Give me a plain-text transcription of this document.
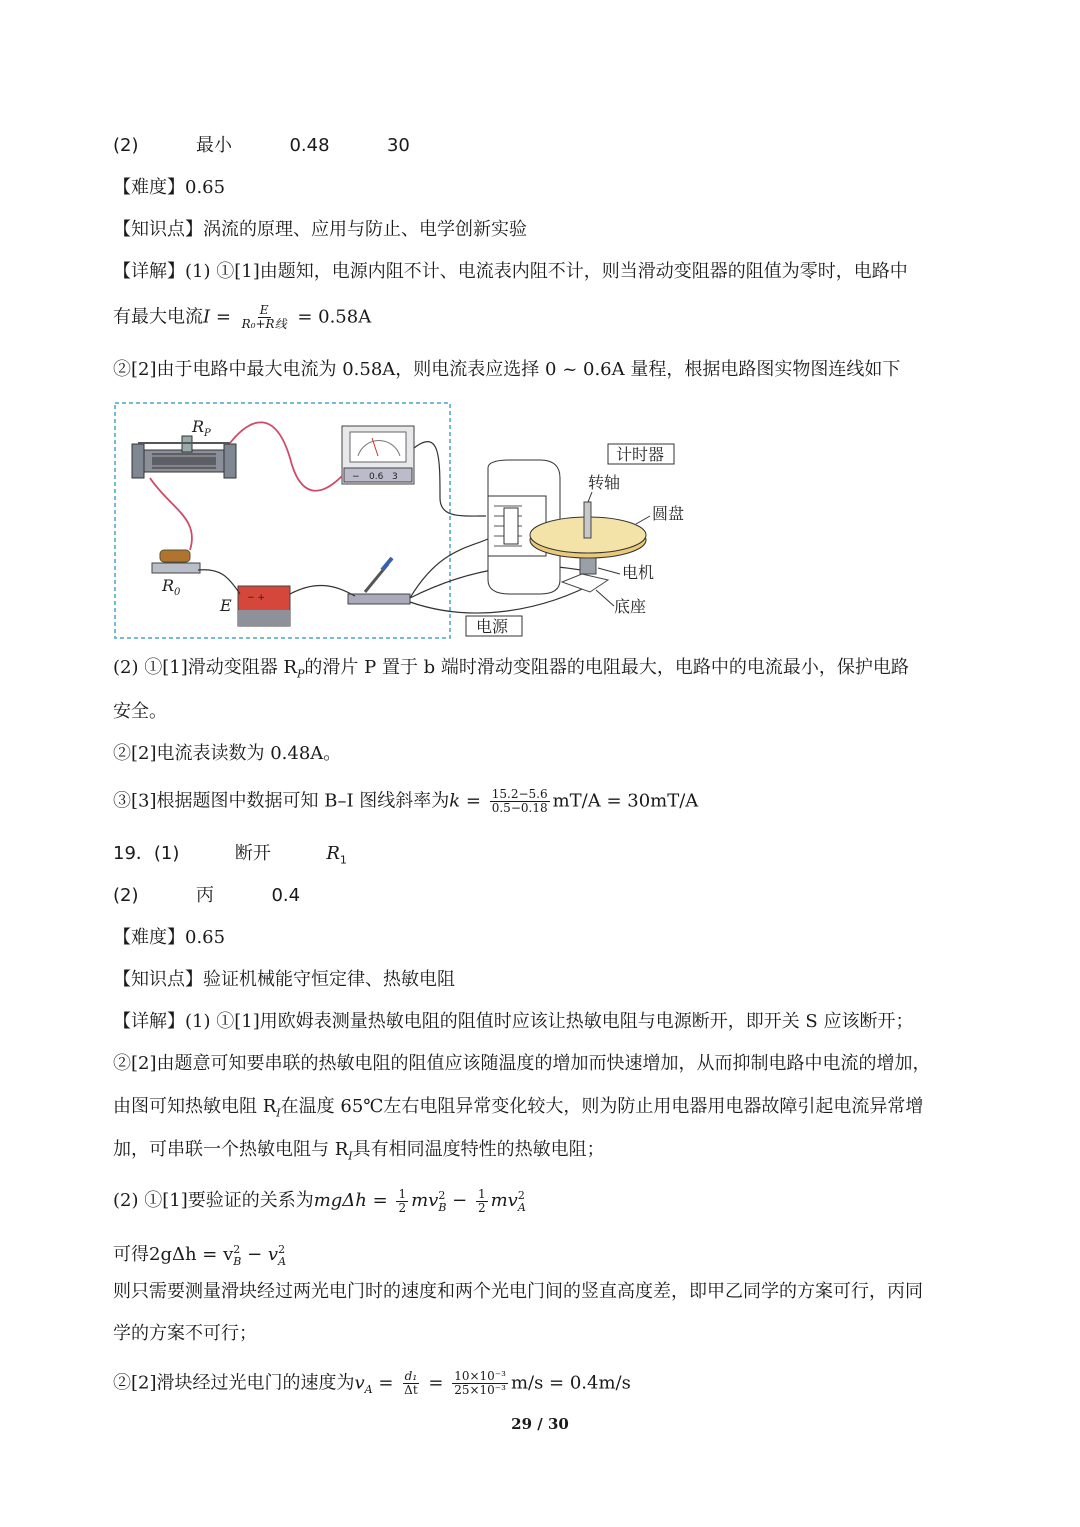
(2)	最小	0.48	30
【难度】0.65
【知识点】涡流的原理、应用与防止、电学创新实验
【详解】(1) ①[1]由题知，电源内阻不计、电流表内阻不计，则当滑动变阻器的阻值为零时，电路中
有最大电流$I = \frac{E}{\text{R₀+R线}} = 0.58A$
②[2]由于电路中最大电流为 0.58A，则电流表应选择 0 ~ 0.6A 量程，根据电路图实物图连线如下
$R_P$
− 0.6 3
$R_0$	− +
E
计时器
转轴
圆盘
电机
底座
电源
(2) ①[1]滑动变阻器 $R_P$的滑片 P 置于 b 端时滑动变阻器的电阻最大，电路中的电流最小，保护电路
安全。
②[2]电流表读数为 0.48A。
③[3]根据题图中数据可知 B–I 图线斜率为$k = \frac{15.2-5.6}{0.5-0.18} mT/A = 30mT/A$
19．(1)	断开	$R_1$
(2)	丙	0.4
【难度】0.65
【知识点】验证机械能守恒定律、热敏电阻
【详解】(1) ①[1]用欧姆表测量热敏电阻的阻值时应该让热敏电阻与电源断开，即开关 S 应该断开；
②[2]由题意可知要串联的热敏电阻的阻值应该随温度的增加而快速增加，从而抑制电路中电流的增加，
由图可知热敏电阻 $R_I$在温度 65℃左右电阻异常变化较大，则为防止用电器用电器故障引起电流异常增
加，可串联一个热敏电阻与 $R_I$具有相同温度特性的热敏电阻；
(2) ①[1]要验证的关系为$mg\Delta h = \frac{1}{2} mv^2_B - \frac{1}{2} mv^2_A$
可得$2g\Delta h = v^2_B - v^2_A$
则只需要测量滑块经过两光电门时的速度和两个光电门间的竖直高度差，即甲乙同学的方案可行，丙同
学的方案不可行；
②[2]滑块经过光电门的速度为$v_A = \frac{\text{d₁}}{\Delta t} = \frac{\text{10×10⁻³}}{\text{25×10⁻³}} m/s = 0.4m/s$
29 / 30
